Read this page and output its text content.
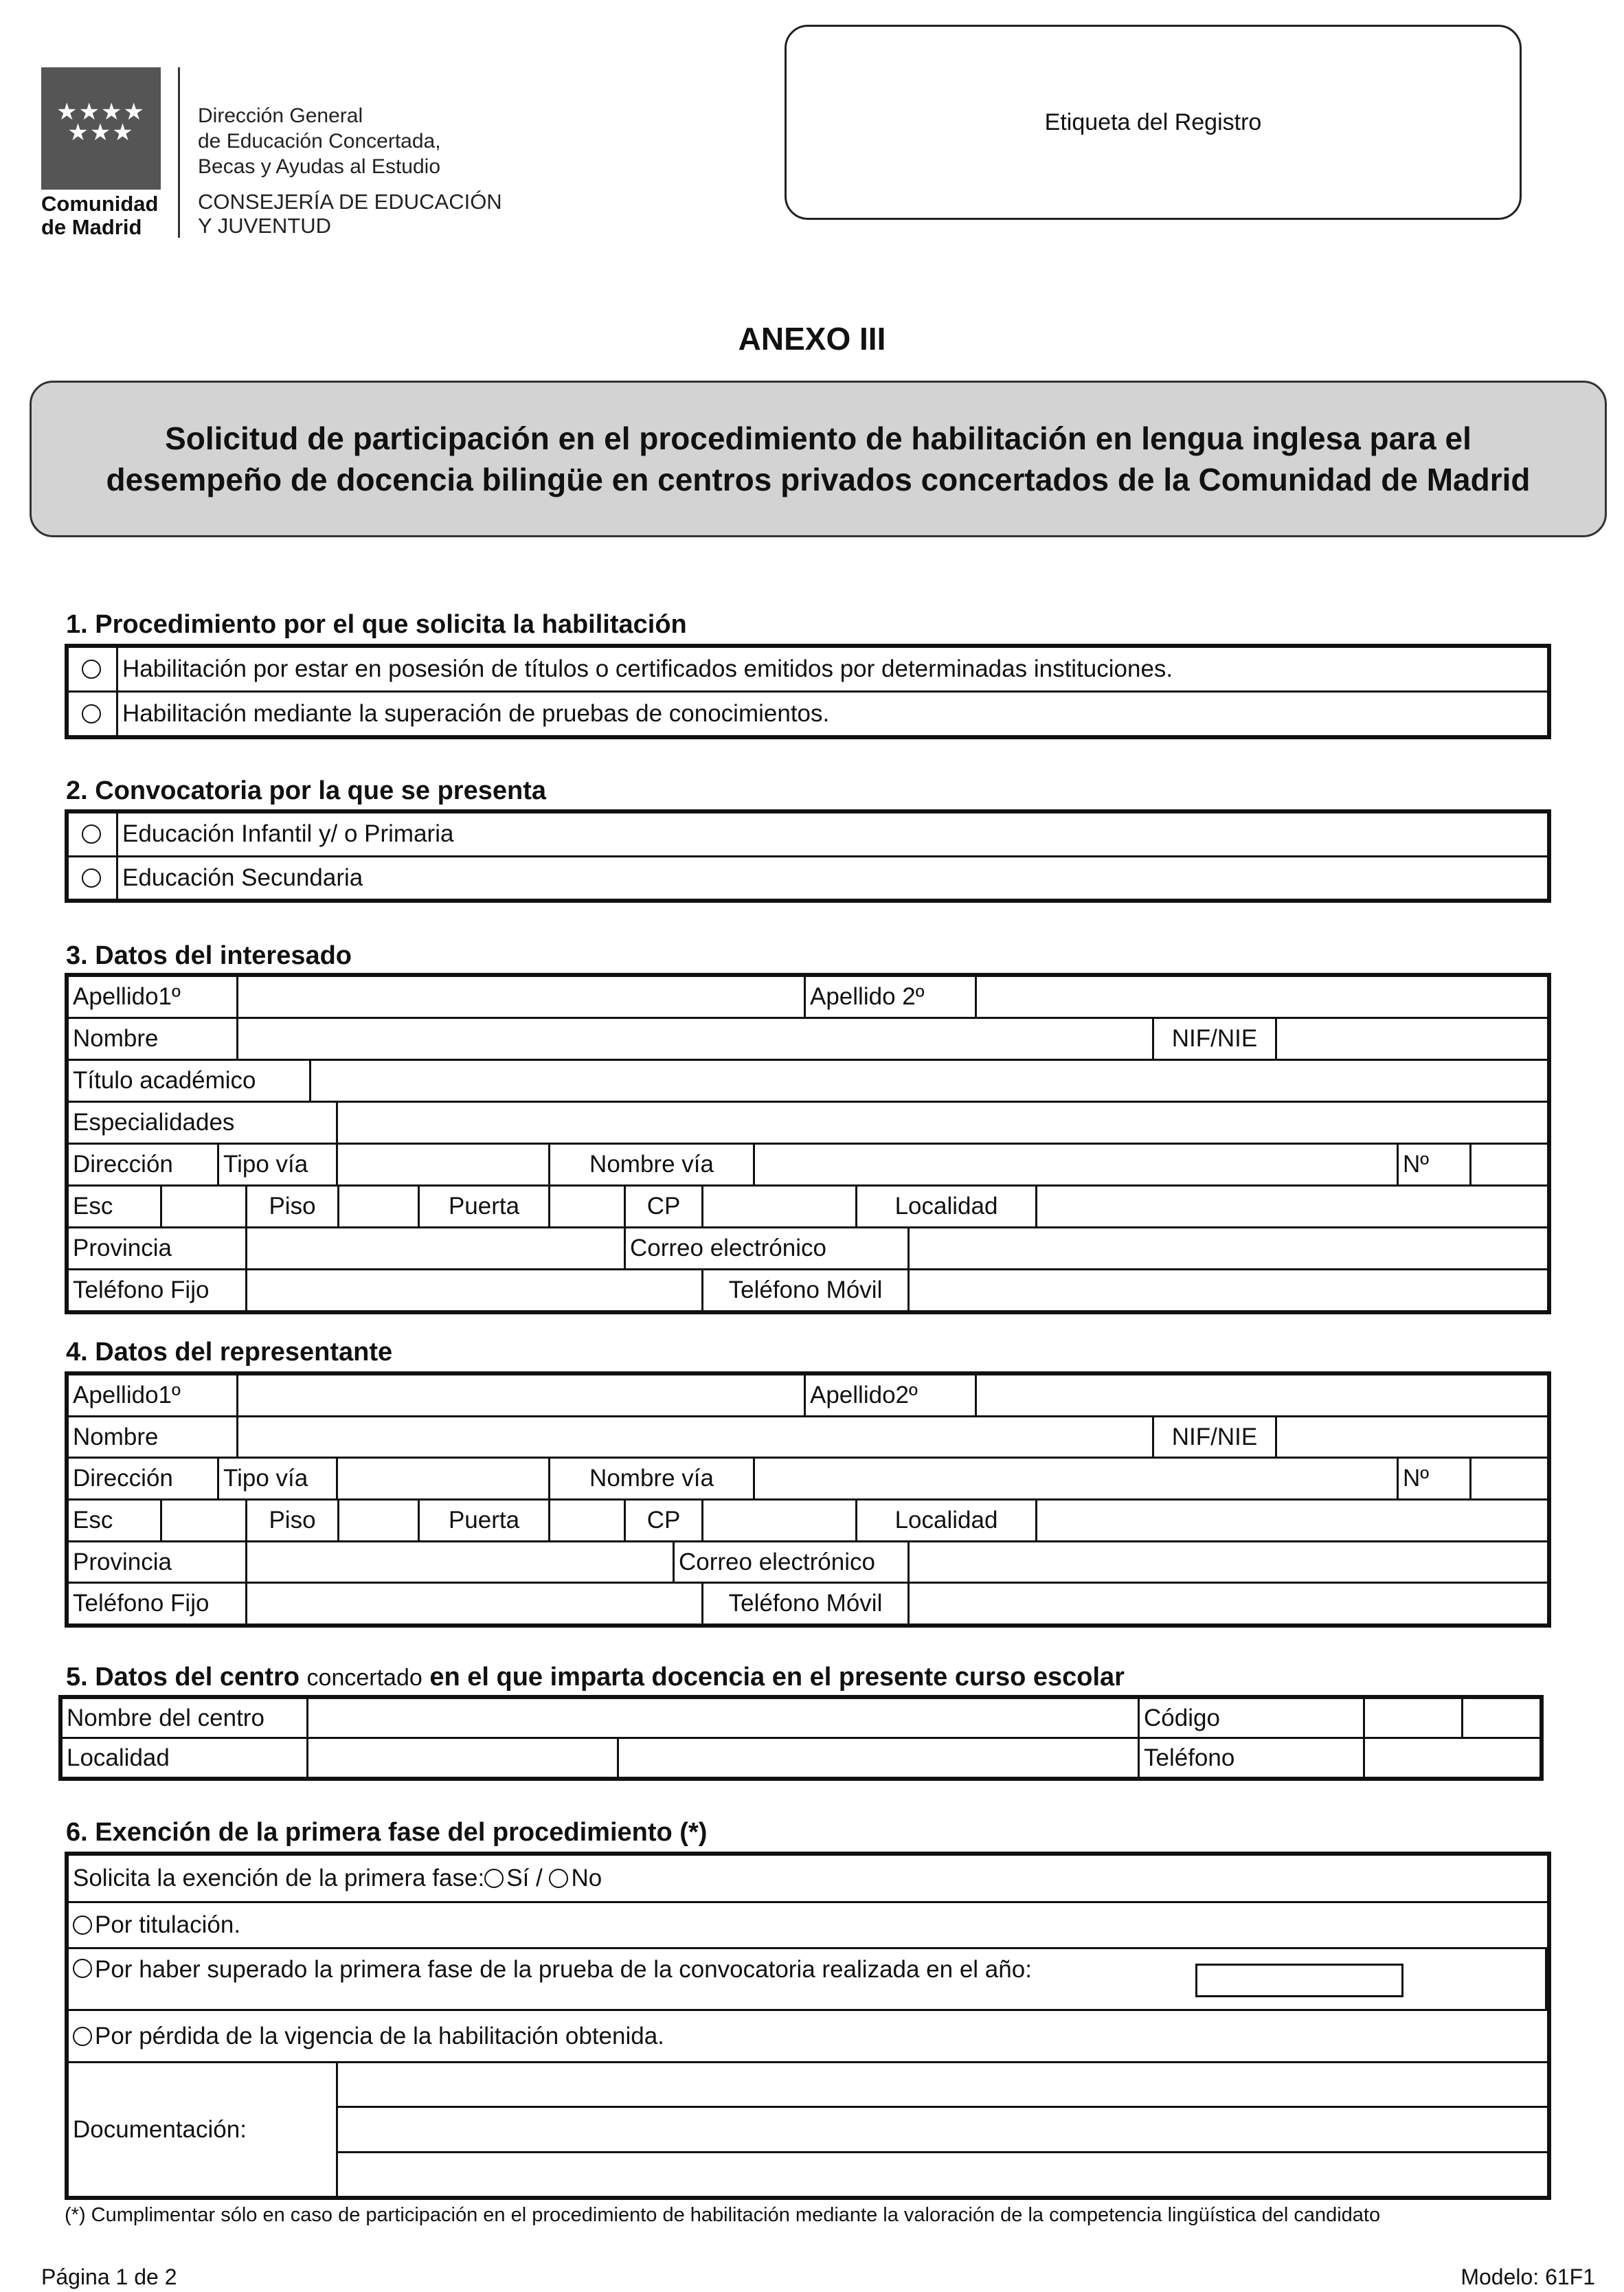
★★★★
★★★
Comunidad
de Madrid
Dirección General
de Educación Concertada,
Becas y Ayudas al Estudio
CONSEJERÍA DE EDUCACIÓN
Y JUVENTUD
Etiqueta del Registro
ANEXO III
Solicitud de participación en el procedimiento de habilitación en lengua inglesa para el
desempeño de docencia bilingüe en centros privados concertados de la Comunidad de Madrid
1. Procedimiento por el que solicita la habilitación
Habilitación por estar en posesión de títulos o certificados emitidos por determinadas instituciones.
Habilitación mediante la superación de pruebas de conocimientos.
2. Convocatoria por la que se presenta
Educación Infantil y/ o Primaria
Educación Secundaria
3. Datos del interesado
Apellido1º	Apellido 2º
Nombre	NIF/NIE
Título académico
Especialidades
Dirección	Tipo vía	Nombre vía	Nº
Esc	Piso	Puerta	CP	Localidad
Provincia	Correo electrónico
Teléfono Fijo	Teléfono Móvil
4. Datos del representante
Apellido1º	Apellido2º
Nombre	NIF/NIE
Dirección	Tipo vía	Nombre vía	Nº
Esc	Piso	Puerta	CP	Localidad
Provincia	Correo electrónico
Teléfono Fijo	Teléfono Móvil
5. Datos del centro concertado en el que imparta docencia en el presente curso escolar
Nombre del centro	Código
Localidad	Teléfono
6. Exención de la primera fase del procedimiento (*)
Solicita la exención de la primera fase: Sí /
No
Por titulación.
Por haber superado la primera fase de la prueba de la convocatoria realizada en el año:
Por pérdida de la vigencia de la habilitación obtenida.
Documentación:
(*) Cumplimentar sólo en caso de participación en el procedimiento de habilitación mediante la valoración de la competencia lingüística del candidato
Página 1 de 2	Modelo: 61F1
